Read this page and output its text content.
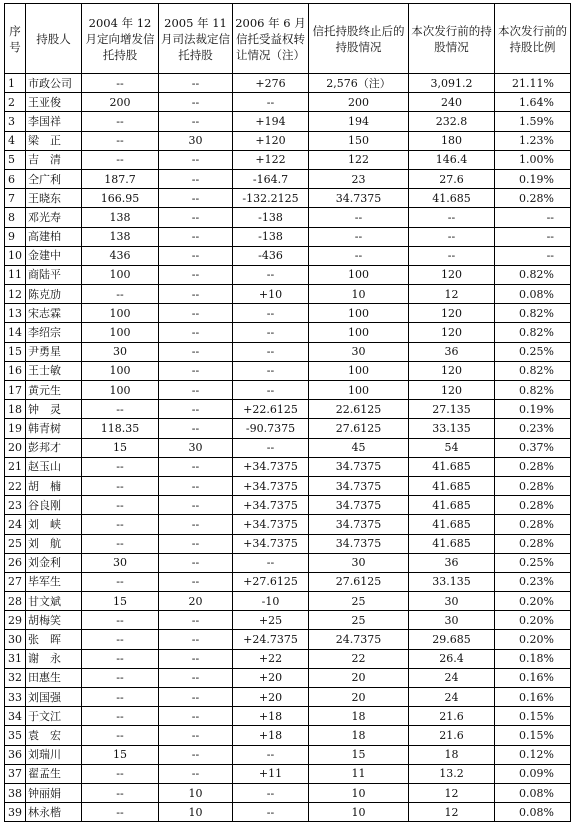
序号	持股人	2004 年 12 月定向增发信托持股	2005 年 11 月司法裁定信托持股	2006 年 6 月信托受益权转让情况（注）	信托持股终止后的持股情况	本次发行前的持股情况	本次发行前的持股比例
1	市政公司	--	--	+276	2,576（注）	3,091.2	21.11%
2	王亚俊	200	--	--	200	240	1.64%
3	李国祥	--	--	+194	194	232.8	1.59%
4	梁　正	--	30	+120	150	180	1.23%
5	吉　清	--	--	+122	122	146.4	1.00%
6	仝广利	187.7	--	-164.7	23	27.6	0.19%
7	王晓东	166.95	--	-132.2125	34.7375	41.685	0.28%
8	邓光寿	138	--	-138	--	--	--
9	高建柏	138	--	-138	--	--	--
10	金建中	436	--	-436	--	--	--
11	商陆平	100	--	--	100	120	0.82%
12	陈克劢	--	--	+10	10	12	0.08%
13	宋志霖	100	--	--	100	120	0.82%
14	李绍宗	100	--	--	100	120	0.82%
15	尹勇星	30	--	--	30	36	0.25%
16	王士敏	100	--	--	100	120	0.82%
17	黄元生	100	--	--	100	120	0.82%
18	钟　灵	--	--	+22.6125	22.6125	27.135	0.19%
19	韩青树	118.35	--	-90.7375	27.6125	33.135	0.23%
20	彭邦才	15	30	--	45	54	0.37%
21	赵玉山	--	--	+34.7375	34.7375	41.685	0.28%
22	胡　楠	--	--	+34.7375	34.7375	41.685	0.28%
23	谷良刚	--	--	+34.7375	34.7375	41.685	0.28%
24	刘　峡	--	--	+34.7375	34.7375	41.685	0.28%
25	刘　航	--	--	+34.7375	34.7375	41.685	0.28%
26	刘金利	30	--	--	30	36	0.25%
27	毕军生	--	--	+27.6125	27.6125	33.135	0.23%
28	甘文斌	15	20	-10	25	30	0.20%
29	胡梅笑	--	--	+25	25	30	0.20%
30	张　晖	--	--	+24.7375	24.7375	29.685	0.20%
31	谢　永	--	--	+22	22	26.4	0.18%
32	田惠生	--	--	+20	20	24	0.16%
33	刘国强	--	--	+20	20	24	0.16%
34	于文江	--	--	+18	18	21.6	0.15%
35	袁　宏	--	--	+18	18	21.6	0.15%
36	刘瑞川	15	--	--	15	18	0.12%
37	翟孟生	--	--	+11	11	13.2	0.09%
38	钟丽娟	--	10	--	10	12	0.08%
39	林永楷	--	10	--	10	12	0.08%
